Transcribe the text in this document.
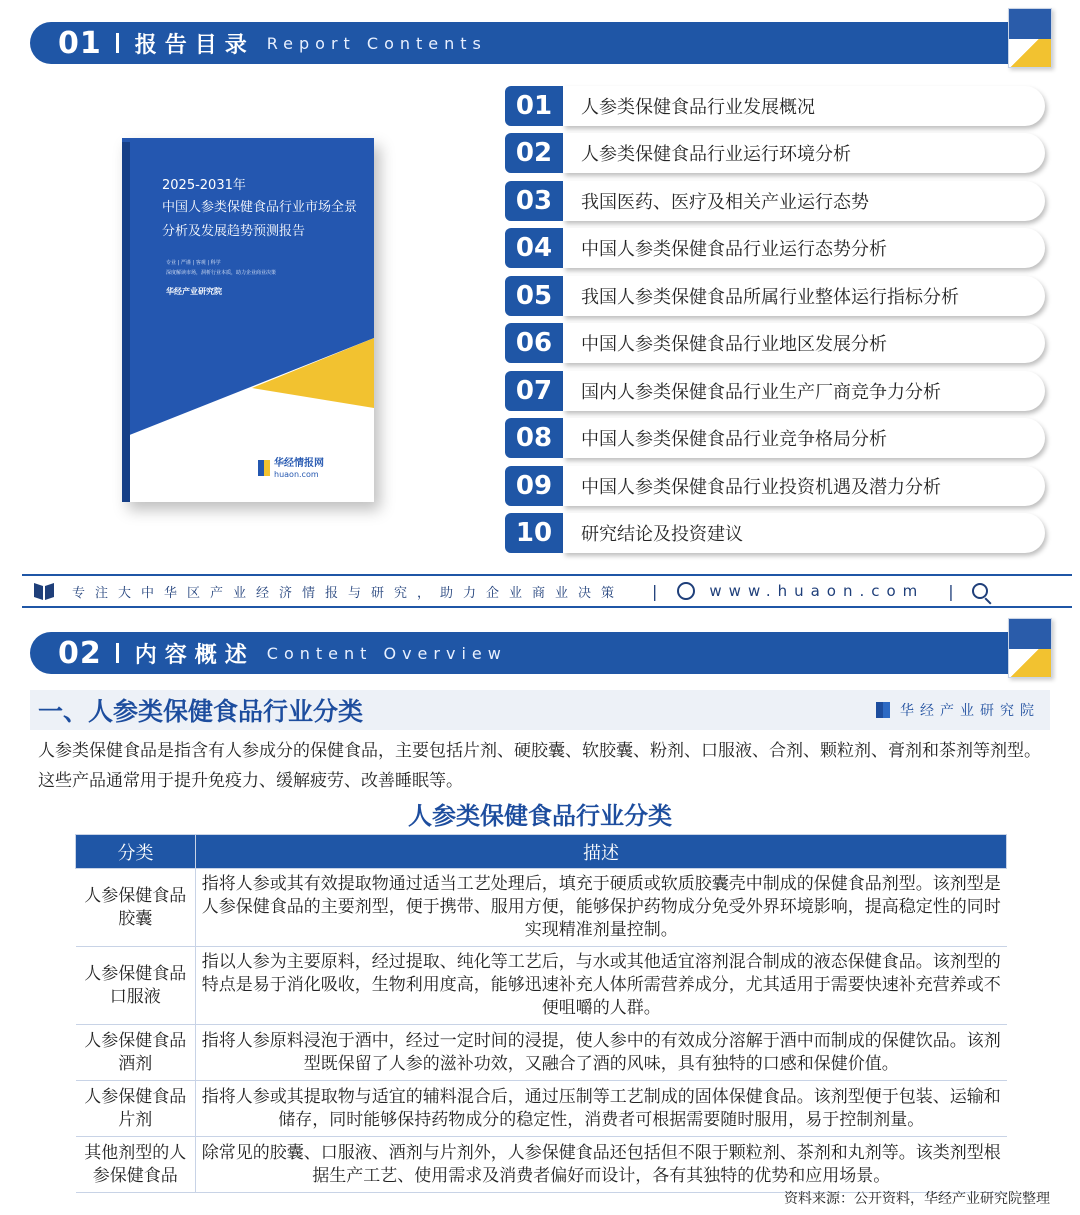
01 报告目录 Report Contents
2025-2031年
中国人参类保健食品行业市场全景分析及发展趋势预测报告
专业 | 严谨 | 客观 | 科学
深度解读市场，洞析行业本质，助力企业商业决策
华经产业研究院
华经情报网
huaon.com
01	人参类保健食品行业发展概况
02	人参类保健食品行业运行环境分析
03	我国医药、医疗及相关产业运行态势
04	中国人参类保健食品行业运行态势分析
05	我国人参类保健食品所属行业整体运行指标分析
06	中国人参类保健食品行业地区发展分析
07	国内人参类保健食品行业生产厂商竞争力分析
08	中国人参类保健食品行业竞争格局分析
09	中国人参类保健食品行业投资机遇及潜力分析
10	研究结论及投资建议
专注大中华区产业经济情报与研究，助力企业商业决策 |	www.huaon.com |
02 内容概述 Content Overview
一、人参类保健食品行业分类	华经产业研究院
人参类保健食品是指含有人参成分的保健食品，主要包括片剂、硬胶囊、软胶囊、粉剂、口服液、合剂、颗粒剂、膏剂和茶剂等剂型。这些产品通常用于提升免疫力、缓解疲劳、改善睡眠等。
人参类保健食品行业分类
分类	描述
人参保健食品胶囊	指将人参或其有效提取物通过适当工艺处理后，填充于硬质或软质胶囊壳中制成的保健食品剂型。该剂型是人参保健食品的主要剂型，便于携带、服用方便，能够保护药物成分免受外界环境影响，提高稳定性的同时实现精准剂量控制。
人参保健食品口服液	指以人参为主要原料，经过提取、纯化等工艺后，与水或其他适宜溶剂混合制成的液态保健食品。该剂型的特点是易于消化吸收，生物利用度高，能够迅速补充人体所需营养成分，尤其适用于需要快速补充营养或不便咀嚼的人群。
人参保健食品酒剂	指将人参原料浸泡于酒中，经过一定时间的浸提，使人参中的有效成分溶解于酒中而制成的保健饮品。该剂型既保留了人参的滋补功效，又融合了酒的风味，具有独特的口感和保健价值。
人参保健食品片剂	指将人参或其提取物与适宜的辅料混合后，通过压制等工艺制成的固体保健食品。该剂型便于包装、运输和储存，同时能够保持药物成分的稳定性，消费者可根据需要随时服用，易于控制剂量。
其他剂型的人参保健食品	除常见的胶囊、口服液、酒剂与片剂外，人参保健食品还包括但不限于颗粒剂、茶剂和丸剂等。该类剂型根据生产工艺、使用需求及消费者偏好而设计，各有其独特的优势和应用场景。
资料来源：公开资料，华经产业研究院整理
